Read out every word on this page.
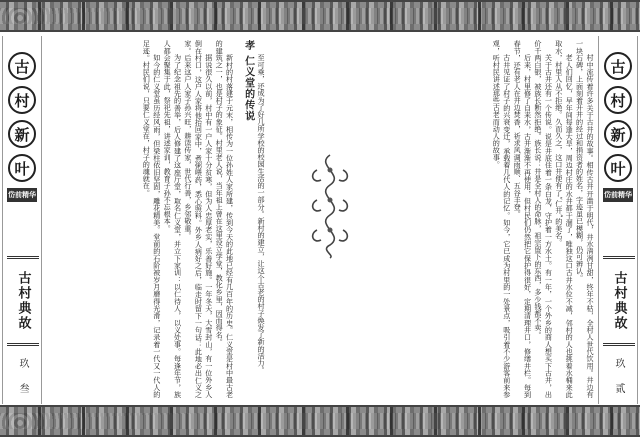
古
村
新
叶
岱前精华
古村典故
玖 叁
古
村
新
叶
岱前精华
古村典故
玖 贰

至可乘，还成为了好几所学校的校园生活的一部分。新村的建立，让这个古老的村子焕发了新的活力。

孝 仁义堂的传说

新村的村落建于元末，相传为一位孙姓人家所建，传到今天的此地已经有几百年的历史。仁义堂是村中最古老的建筑之一，也是村子的象征。村里老人说，当年祖上曾在这里设立学堂，教化乡里，因而得名。

据说很久以前，村中有一户人家十分贫寒，但为人忠厚老实，乐善好施。一年冬天，大雪封山，有一位外乡人倒在村口，这户人家将他抬回家中，煮粥喂药，悉心照料。外乡人病好之后，临走时留下一句话：此地必出仁义之家。后来这户人家子孙兴旺，耕读传家，世代行善，乡邻敬重。

为了纪念祖先的善举，后人修建了这座厅堂，取名仁义堂，并立下家训：以仁待人，以义处事。每逢年节，族人都会聚集于此，祭祀先祖，讲述家训，教育子孙不忘根本。

如今的仁义堂虽历经风雨，但梁柱依旧坚固，雕花精美。堂前的石阶被岁月磨得光滑，记录着一代又一代人的足迹。村民们说，只要仁义堂在，村子的魂就在。	村中流传着许多关于古井的故事。相传古井开凿于明代，井水清冽甘甜，终年不枯，全村人世代饮用。井边有一块石碑，上面刻着开井的经过和捐资者的姓名，字迹虽已模糊，仍可辨认。

老人们回忆，早年间每逢大旱，周边村庄的水井都干涸了，唯独这口古井水位不减，邻村的人也挑着水桶来此取水，村里人从不拒绝。久而久之，这口井便有了“仁井”的美名。

关于古井还有一个传说。说是井底住着一条白龙，守护着一方水土。有一年，一个外乡的商人想买下古井，出价千两白银，被族长断然拒绝。族长说：井是全村人的命脉，祖宗留下的东西，多少钱都不卖。

后来，村里修了自来水，古井渐渐不再使用，但村民们仍然把它保护得很好，定期清理井口，修缮井栏。每到春节，还有老人在井边焚香，祈求风调雨顺、五谷丰登。

古井见证了村子的兴衰变迁，承载着几代人的记忆。如今，它已成为村里的一处景点，吸引着不少游客前来参观，听村民讲述那些古老而动人的故事。
